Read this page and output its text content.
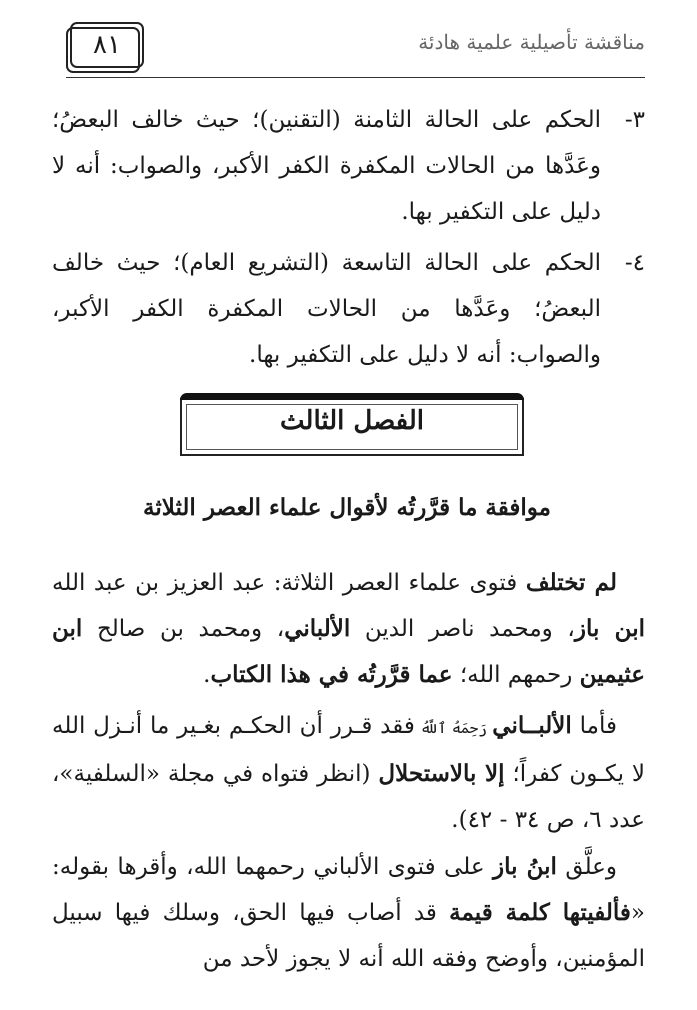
٨١	مناقشة تأصيلية علمية هادئة
٣-
الحكم على الحالة الثامنة (التقنين)؛ حيث خالف البعضُ؛ وعَدَّها من الحالات المكفرة الكفر الأكبر، والصواب: أنه لا دليل على التكفير بها.
٤-
الحكم على الحالة التاسعة (التشريع العام)؛ حيث خالف البعضُ؛ وعَدَّها من الحالات المكفرة الكفر الأكبر، والصواب: أنه لا دليل على التكفير بها.
الفصل الثالث
موافقة ما قرَّرتُه لأقوال علماء العصر الثلاثة
لم تختلف فتوى علماء العصر الثلاثة: عبد العزيز بن عبد الله ابن باز، ومحمد ناصر الدين الألباني، ومحمد بن صالح ابن عثيمين رحمهم الله؛ عما قرَّرتُه في هذا الكتاب.
فأما الألبــاني رَحِمَهُ ٱللَّهُ فقد قـرر أن الحكـم بغـير ما أنـزل الله لا يكـون كفراً؛ إلا بالاستحلال (انظر فتواه في مجلة «السلفية»، عدد ٦، ص ٣٤ - ٤٢).
وعلَّق ابنُ باز على فتوى الألباني رحمهما الله، وأقرها بقوله: «فألفيتها كلمة قيمة قد أصاب فيها الحق، وسلك فيها سبيل المؤمنين، وأوضح وفقه الله أنه لا يجوز لأحد من
